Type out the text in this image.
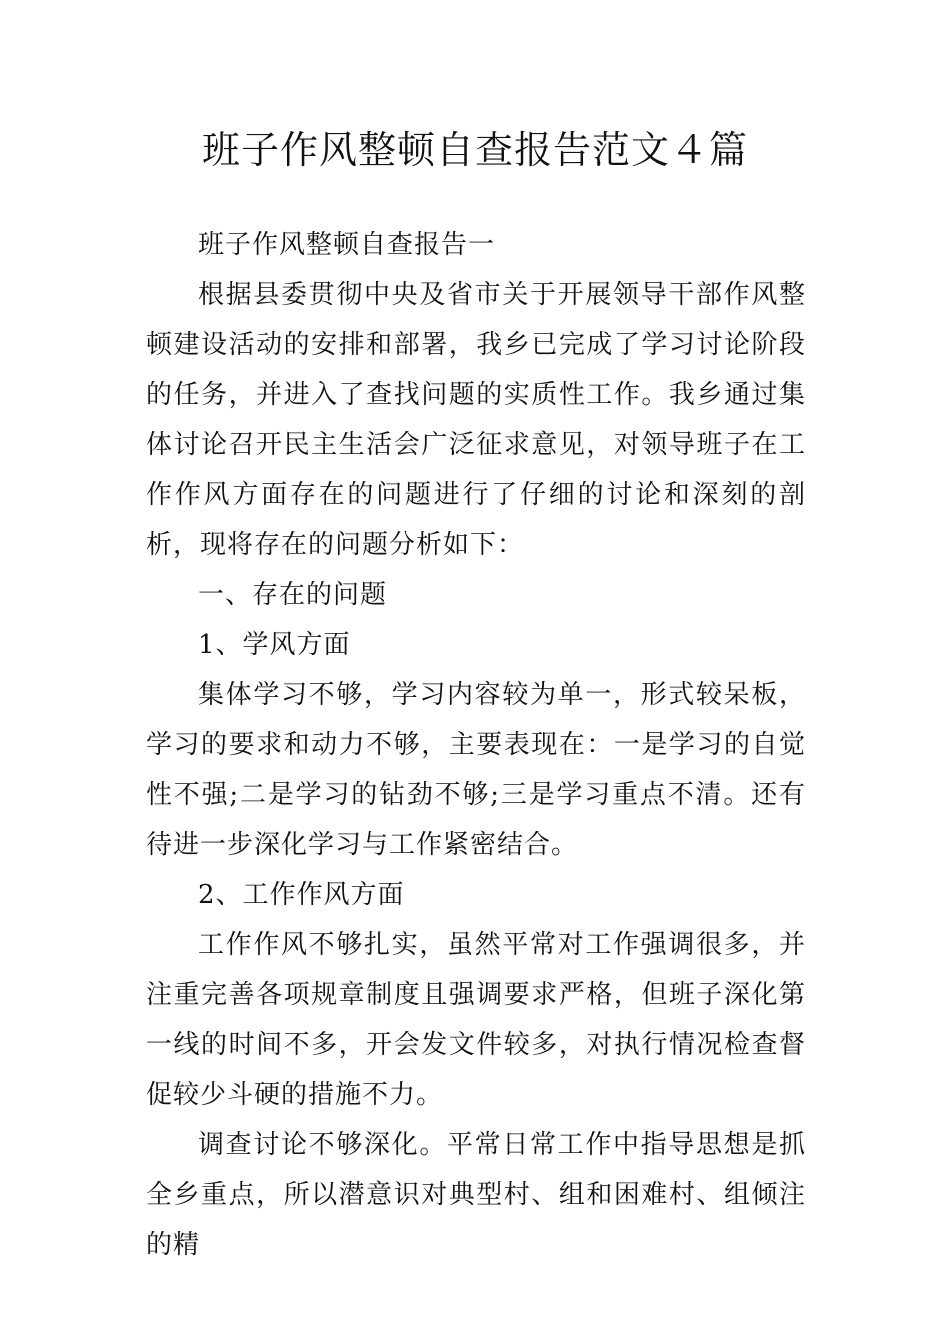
班子作风整顿自查报告范文４篇

班子作风整顿自查报告一

根据县委贯彻中央及省市关于开展领导干部作风整顿建设活动的安排和部署，我乡已完成了学习讨论阶段的任务，并进入了查找问题的实质性工作。我乡通过集体讨论召开民主生活会广泛征求意见，对领导班子在工作作风方面存在的问题进行了仔细的讨论和深刻的剖析，现将存在的问题分析如下：

一、存在的问题

1、学风方面

集体学习不够，学习内容较为单一，形式较呆板，学习的要求和动力不够，主要表现在：一是学习的自觉性不强;二是学习的钻劲不够;三是学习重点不清。还有待进一步深化学习与工作紧密结合。

2、工作作风方面

工作作风不够扎实，虽然平常对工作强调很多，并注重完善各项规章制度且强调要求严格，但班子深化第一线的时间不多，开会发文件较多，对执行情况检查督促较少斗硬的措施不力。

调查讨论不够深化。平常日常工作中指导思想是抓全乡重点，所以潜意识对典型村、组和困难村、组倾注的精
